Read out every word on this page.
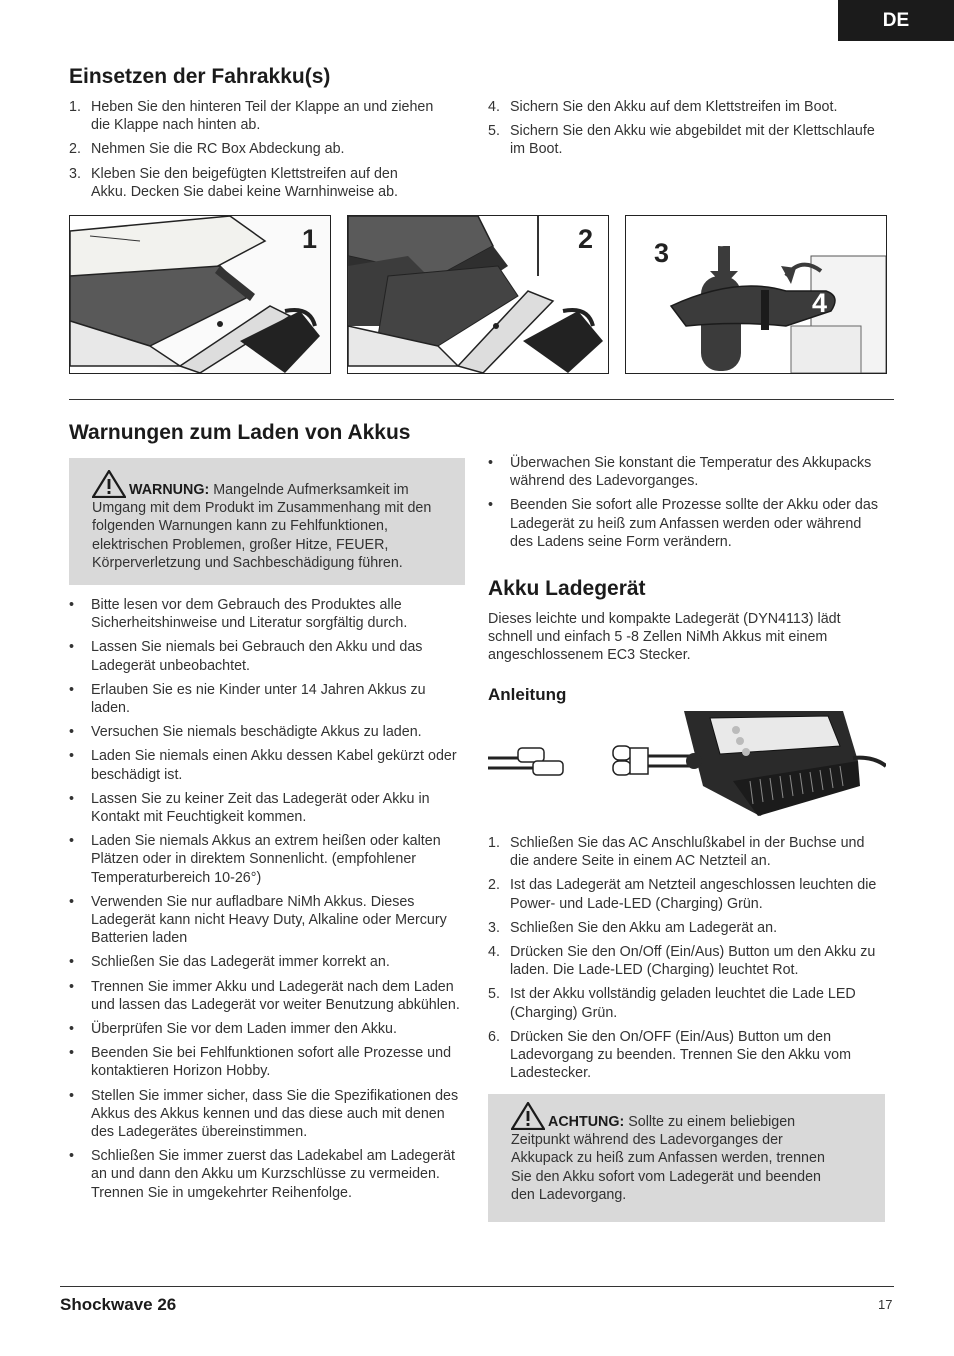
DE
Einsetzen der Fahrakku(s)
1. Heben Sie den hinteren Teil der Klappe an und ziehen die Klappe nach hinten ab.
2. Nehmen Sie die RC Box Abdeckung ab.
3. Kleben Sie den beigefügten Klettstreifen auf den Akku. Decken Sie dabei keine Warnhinweise ab.
4. Sichern Sie den Akku auf dem Klettstreifen im Boot.
5. Sichern Sie den Akku wie abgebildet mit der Klettschlaufe im Boot.
1	2 3
5
4
Warnungen zum Laden von Akkus
WARNUNG: Mangelnde Aufmerksamkeit im Umgang mit dem Produkt im Zusammenhang mit den folgenden Warnungen kann zu Fehlfunktionen, elektrischen Problemen, großer Hitze, FEUER, Körperverletzung und Sachbeschädigung führen.
• Bitte lesen vor dem Gebrauch des Produktes alle Sicherheitshinweise und Literatur sorgfältig durch.
• Lassen Sie niemals bei Gebrauch den Akku und das Ladegerät unbeobachtet.
• Erlauben Sie es nie Kinder unter 14 Jahren Akkus zu laden.
• Versuchen Sie niemals beschädigte Akkus zu laden.
• Laden Sie niemals einen Akku dessen Kabel gekürzt oder beschädigt ist.
• Lassen Sie zu keiner Zeit das Ladegerät oder Akku in Kontakt mit Feuchtigkeit kommen.
• Laden Sie niemals Akkus an extrem heißen oder kalten Plätzen oder in direktem Sonnenlicht. (empfohlener Temperaturbereich 10-26°)
• Verwenden Sie nur aufladbare NiMh Akkus. Dieses Ladegerät kann nicht Heavy Duty, Alkaline oder Mercury Batterien laden
• Schließen Sie das Ladegerät immer korrekt an.
• Trennen Sie immer Akku und Ladegerät nach dem Laden und lassen das Ladegerät vor weiter Benutzung abkühlen.
• Überprüfen Sie vor dem Laden immer den Akku.
• Beenden Sie bei Fehlfunktionen sofort alle Prozesse und kontaktieren Horizon Hobby.
• Stellen Sie immer sicher, dass Sie die Spezifikationen des Akkus des Akkus kennen und das diese auch mit denen des Ladegerätes übereinstimmen.
• Schließen Sie immer zuerst das Ladekabel am Ladegerät an und dann den Akku um Kurzschlüsse zu vermeiden. Trennen Sie in umgekehrter Reihenfolge.
• Überwachen Sie konstant die Temperatur des Akkupacks während des Ladevorganges.
• Beenden Sie sofort alle Prozesse sollte der Akku oder das Ladegerät zu heiß zum Anfassen werden oder während des Ladens seine Form verändern.
Akku Ladegerät

Dieses leichte und kompakte Ladegerät (DYN4113) lädt schnell und einfach 5 -8 Zellen NiMh Akkus mit einem angeschlossenem EC3 Stecker.

Anleitung
1. Schließen Sie das AC Anschlußkabel in der Buchse und die andere Seite in einem AC Netzteil an.
2. Ist das Ladegerät am Netzteil angeschlossen leuchten die Power- und Lade-LED (Charging) Grün.
3. Schließen Sie den Akku am Ladegerät an.
4. Drücken Sie den On/Off (Ein/Aus) Button um den Akku zu laden. Die Lade-LED (Charging) leuchtet Rot.
5. Ist der Akku vollständig geladen leuchtet die Lade LED (Charging) Grün.
6. Drücken Sie den On/OFF (Ein/Aus) Button um den Ladevorgang zu beenden. Trennen Sie den Akku vom Ladestecker.
ACHTUNG: Sollte zu einem beliebigen Zeitpunkt während des Ladevorganges der Akkupack zu heiß zum Anfassen werden, trennen Sie den Akku sofort vom Ladegerät und beenden den Ladevorgang.
Shockwave 26	17
